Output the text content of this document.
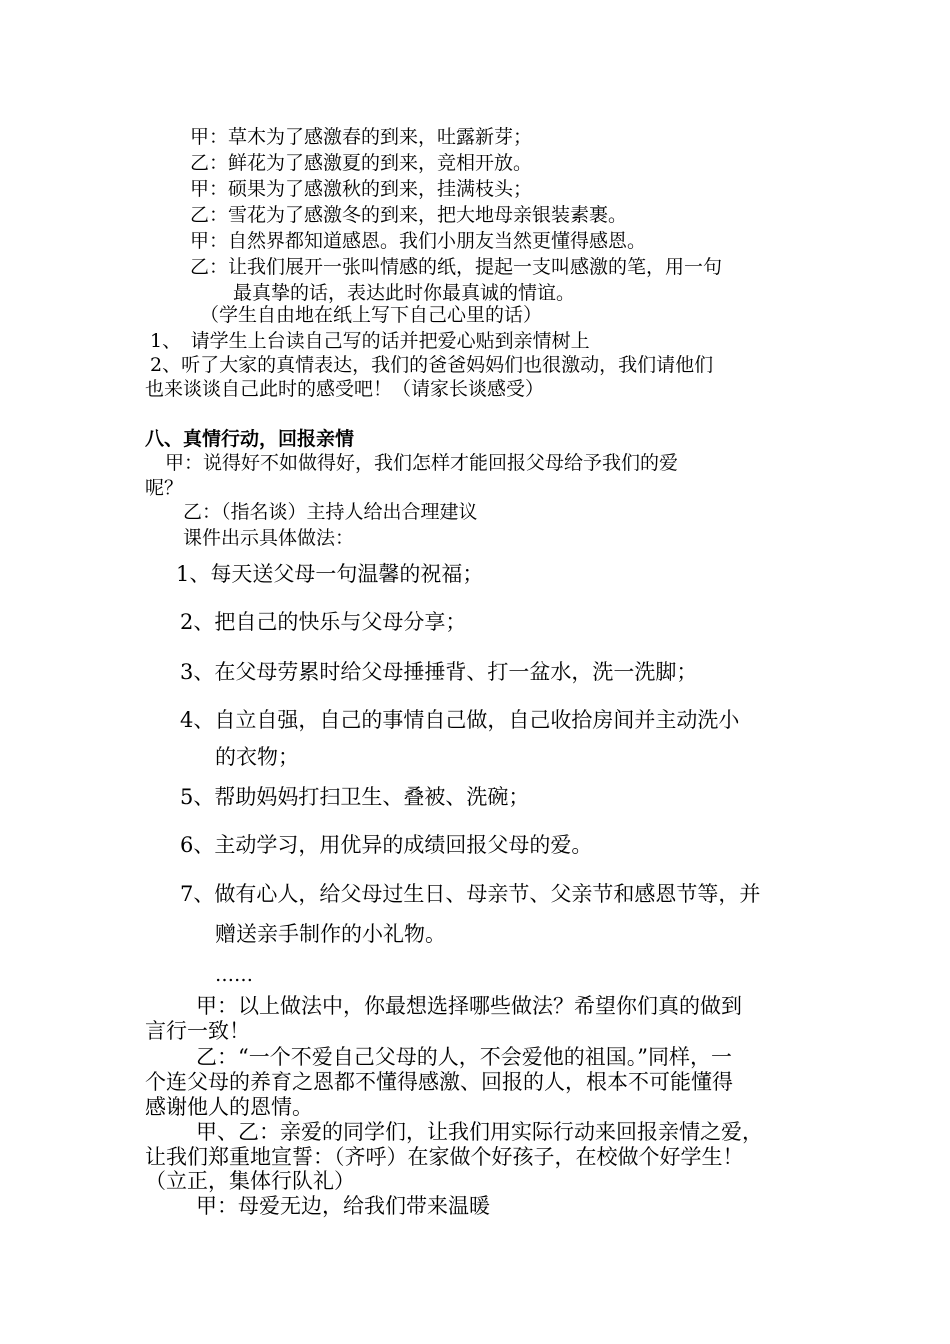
甲：草木为了感激春的到来，吐露新芽；
乙：鲜花为了感激夏的到来，竞相开放。
甲：硕果为了感激秋的到来，挂满枝头；
乙：雪花为了感激冬的到来，把大地母亲银装素裹。
甲：自然界都知道感恩。我们小朋友当然更懂得感恩。
乙：让我们展开一张叫情感的纸，提起一支叫感激的笔，用一句
最真挚的话，表达此时你最真诚的情谊。
（学生自由地在纸上写下自己心里的话）
1、　请学生上台读自己写的话并把爱心贴到亲情树上
2、听了大家的真情表达，我们的爸爸妈妈们也很激动，我们请他们
也来谈谈自己此时的感受吧！（请家长谈感受）
八、真情行动，回报亲情
甲：说得好不如做得好，我们怎样才能回报父母给予我们的爱
呢？
乙：（指名谈）主持人给出合理建议
课件出示具体做法：
1、每天送父母一句温馨的祝福；
2、把自己的快乐与父母分享；
3、在父母劳累时给父母捶捶背、打一盆水，洗一洗脚；
4、自立自强，自己的事情自己做，自己收拾房间并主动洗小
的衣物；
5、帮助妈妈打扫卫生、叠被、洗碗；
6、主动学习，用优异的成绩回报父母的爱。
7、做有心人，给父母过生日、母亲节、父亲节和感恩节等，并
赠送亲手制作的小礼物。
……
甲：以上做法中，你最想选择哪些做法？希望你们真的做到
言行一致！
乙：“一个不爱自己父母的人，不会爱他的祖国。”同样，一
个连父母的养育之恩都不懂得感激、回报的人，根本不可能懂得
感谢他人的恩情。
甲、乙：亲爱的同学们，让我们用实际行动来回报亲情之爱，
让我们郑重地宣誓：（齐呼）在家做个好孩子，在校做个好学生！
（立正，集体行队礼）
甲：母爱无边，给我们带来温暖
